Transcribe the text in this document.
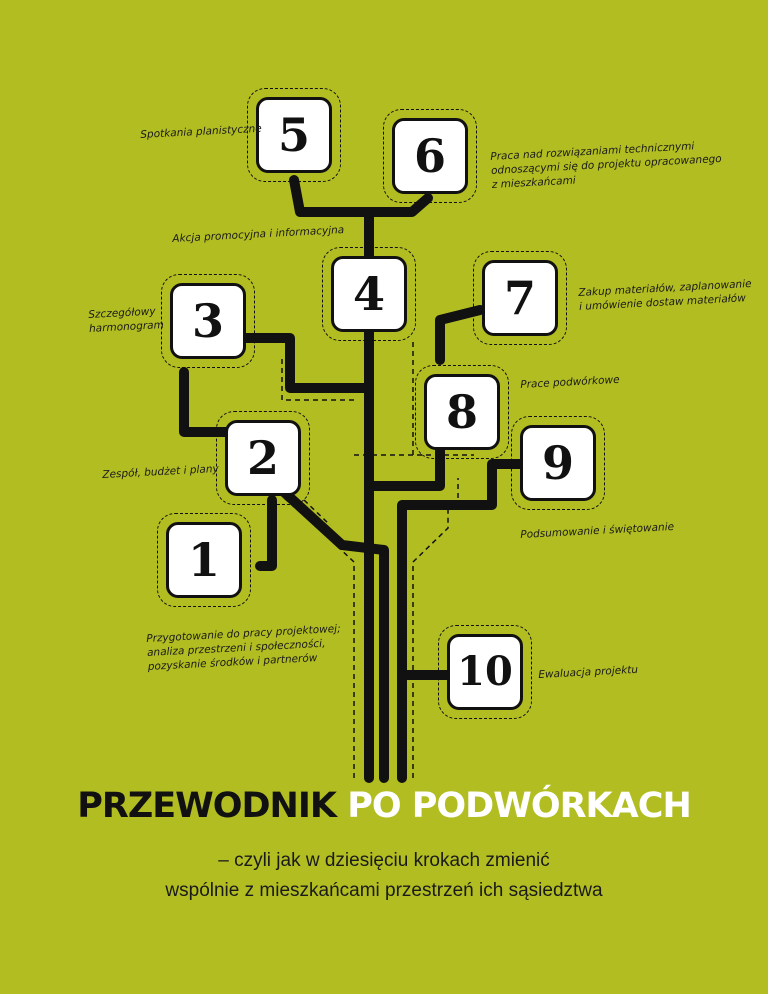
5 6
4	7
3
8
2	9
1
10
Spotkania planistyczne
Praca nad rozwiązaniami technicznymi
odnoszącymi się do projektu opracowanego
z mieszkańcami
Akcja promocyjna i informacyjna
Zakup materiałów, zaplanowanie
i umówienie dostaw materiałów
Szczegółowy
harmonogram
Prace podwórkowe
Zespół, budżet i plany
Podsumowanie i świętowanie
Przygotowanie do pracy projektowej;
analiza przestrzeni i społeczności,
pozyskanie środków i partnerów	Ewaluacja projektu
PRZEWODNIK PO PODWÓRKACH
– czyli jak w dziesięciu krokach zmienić
wspólnie z mieszkańcami przestrzeń ich sąsiedztwa
